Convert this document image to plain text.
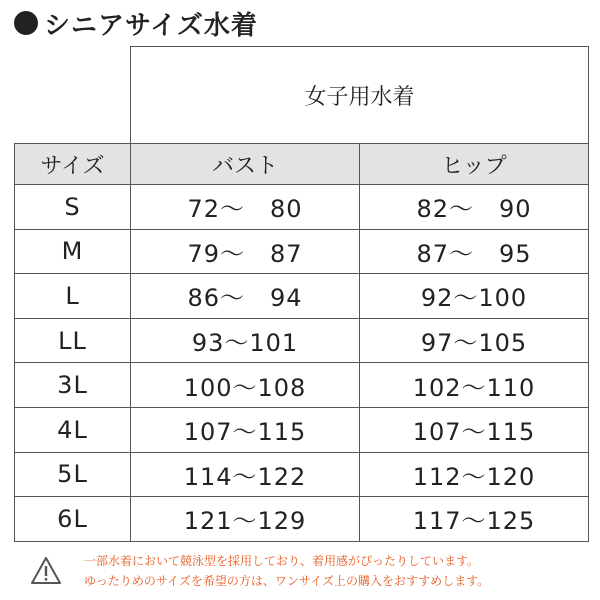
シニアサイズ水着
	女子用水着	
サイズ	バスト	ヒップ
S	72～　80	82～　90
M	79～　87	87～　95
L	86～　94	92～100
LL	93～101	97～105
3L	100～108	102～110
4L	107～115	107～115
5L	114～122	112～120
6L	121～129	117～125
一部水着において競泳型を採用しており、着用感がぴったりしています。
ゆったりめのサイズを希望の方は、ワンサイズ上の購入をおすすめします。
